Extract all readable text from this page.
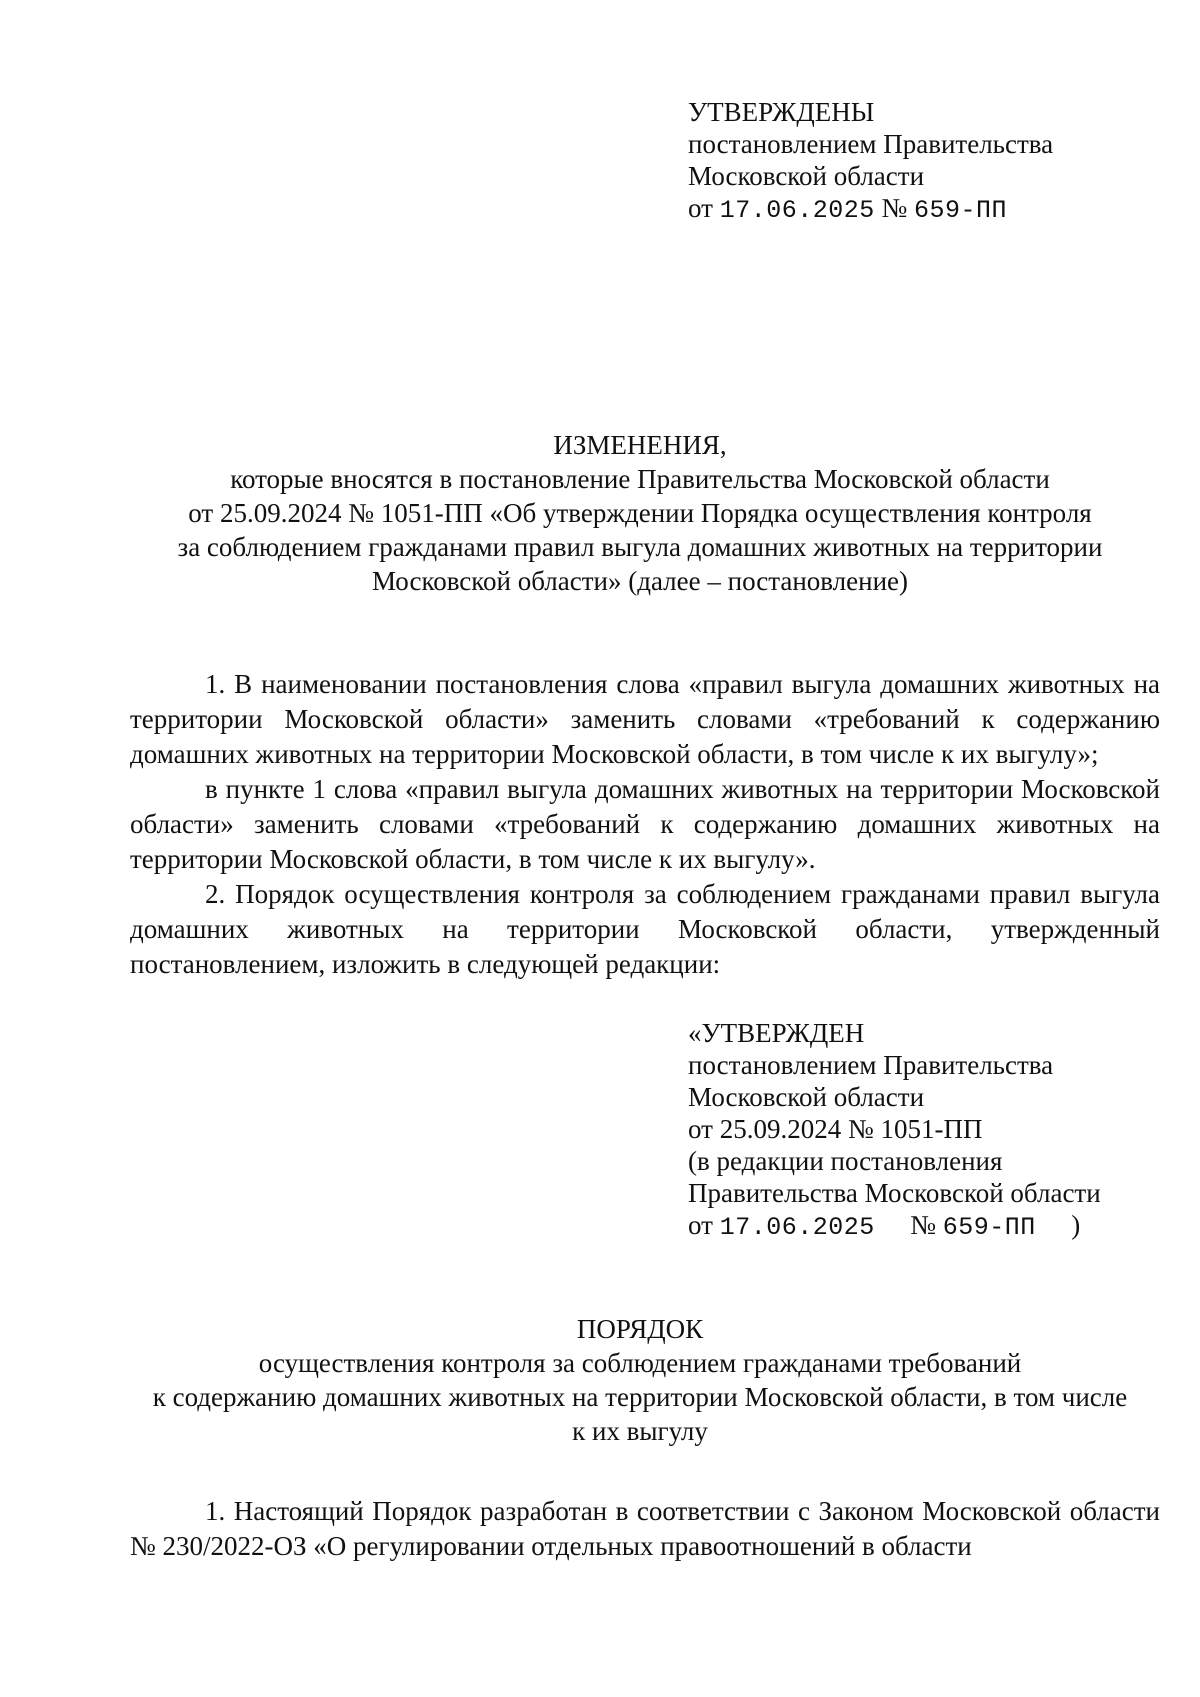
УТВЕРЖДЕНЫ
постановлением Правительства
Московской области
от 17.06.2025 № 659-ПП
ИЗМЕНЕНИЯ,
которые вносятся в постановление Правительства Московской области
от 25.09.2024 № 1051-ПП «Об утверждении Порядка осуществления контроля
за соблюдением гражданами правил выгула домашних животных на территории
Московской области» (далее – постановление)

1. В наименовании постановления слова «правил выгула домашних животных на территории Московской области» заменить словами «требований к содержанию домашних животных на территории Московской области, в том числе к их выгулу»;

в пункте 1 слова «правил выгула домашних животных на территории Московской области» заменить словами «требований к содержанию домашних животных на территории Московской области, в том числе к их выгулу».

2. Порядок осуществления контроля за соблюдением гражданами правил выгула домашних животных на территории Московской области, утвержденный постановлением, изложить в следующей редакции:

«УТВЕРЖДЕН
постановлением Правительства
Московской области
от 25.09.2024 № 1051-ПП
(в редакции постановления
Правительства Московской области
от 17.06.2025 № 659-ПП )
ПОРЯДОК
осуществления контроля за соблюдением гражданами требований
к содержанию домашних животных на территории Московской области, в том числе
к их выгулу

1. Настоящий Порядок разработан в соответствии с Законом Московской области № 230/2022-ОЗ «О регулировании отдельных правоотношений в области
